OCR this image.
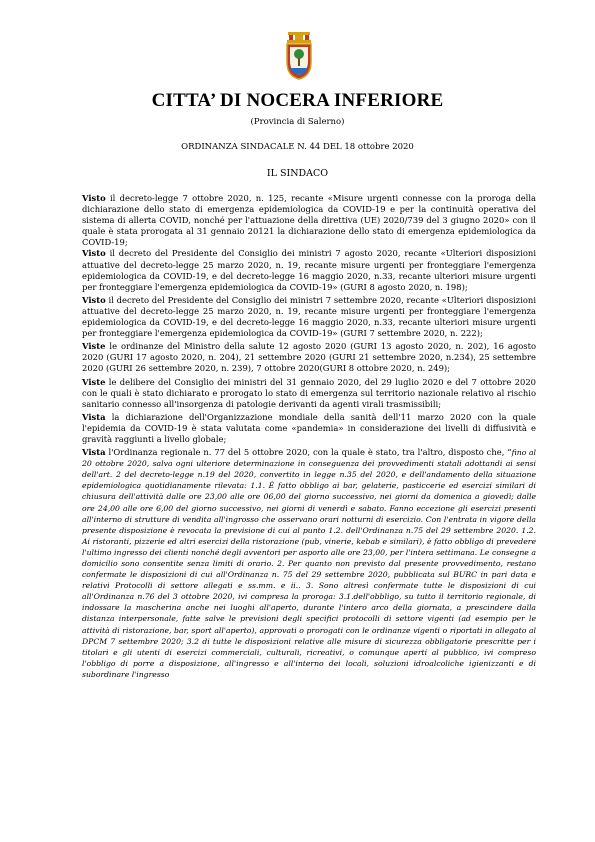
CITTA’ DI NOCERA INFERIORE
(Provincia di Salerno)
ORDINANZA SINDACALE N. 44 DEL 18 ottobre 2020
IL SINDACO

Visto il decreto-legge 7 ottobre 2020, n. 125, recante «Misure urgenti connesse con la proroga della dichiarazione dello stato di emergenza epidemiologica da COVID-19 e per la continuità operativa del sistema di allerta COVID, nonché per l'attuazione della direttiva (UE) 2020/739 del 3 giugno 2020» con il quale è stata prorogata al 31 gennaio 20121 la dichiarazione dello stato di emergenza epidemiologica da COVID-19;

Visto il decreto del Presidente del Consiglio dei ministri 7 agosto 2020, recante «Ulteriori disposizioni attuative del decreto-legge 25 marzo 2020, n. 19, recante misure urgenti per fronteggiare l'emergenza epidemiologica da COVID-19, e del decreto-legge 16 maggio 2020, n.33, recante ulteriori misure urgenti per fronteggiare l'emergenza epidemiologica da COVID-19» (GURI 8 agosto 2020, n. 198);

Visto il decreto del Presidente del Consiglio dei ministri 7 settembre 2020, recante «Ulteriori disposizioni attuative del decreto-legge 25 marzo 2020, n. 19, recante misure urgenti per fronteggiare l'emergenza epidemiologica da COVID-19, e del decreto-legge 16 maggio 2020, n.33, recante ulteriori misure urgenti per fronteggiare l'emergenza epidemiologica da COVID-19» (GURI 7 settembre 2020, n. 222);

Viste le ordinanze del Ministro della salute 12 agosto 2020 (GURI 13 agosto 2020, n. 202), 16 agosto 2020 (GURI 17 agosto 2020, n. 204), 21 settembre 2020 (GURI 21 settembre 2020, n.234), 25 settembre 2020 (GURI 26 settembre 2020, n. 239), 7 ottobre 2020(GURI 8 ottobre 2020, n. 249);

Viste le delibere del Consiglio dei ministri del 31 gennaio 2020, del 29 luglio 2020 e del 7 ottobre 2020 con le quali è stato dichiarato e prorogato lo stato di emergenza sul territorio nazionale relativo al rischio sanitario connesso all'insorgenza di patologie derivanti da agenti virali trasmissibili;

Vista la dichiarazione dell'Organizzazione mondiale della sanità dell'11 marzo 2020 con la quale l'epidemia da COVID-19 è stata valutata come «pandemia» in considerazione dei livelli di diffusività e gravità raggiunti a livello globale;

Vista l'Ordinanza regionale n. 77 del 5 ottobre 2020, con la quale è stato, tra l'altro, disposto che, “fino al 20 ottobre 2020, salva ogni ulteriore determinazione in conseguenza dei provvedimenti statali adottandi ai sensi dell'art. 2 del decreto-legge n.19 del 2020, convertito in legge n.35 del 2020, e dell'andamento della situazione epidemiologica quotidianamente rilevata: 1.1. È fatto obbligo ai bar, gelaterie, pasticcerie ed esercizi similari di chiusura dell'attività dalle ore 23,00 alle ore 06,00 del giorno successivo, nei giorni da domenica a giovedì; dalle ore 24,00 alle ore 6,00 del giorno successivo, nei giorni di venerdì e sabato. Fanno eccezione gli esercizi presenti all'interno di strutture di vendita all'ingrosso che osservano orari notturni di esercizio. Con l'entrata in vigore della presente disposizione è revocata la previsione di cui al punto 1.2. dell'Ordinanza n.75 del 29 settembre 2020. 1.2. Ai ristoranti, pizzerie ed altri esercizi della ristorazione (pub, vinerie, kebab e similari), è fatto obbligo di prevedere l'ultimo ingresso dei clienti nonché degli avventori per asporto alle ore 23,00, per l'intera settimana. Le consegne a domicilio sono consentite senza limiti di orario. 2. Per quanto non previsto dal presente provvedimento, restano confermate le disposizioni di cui all'Ordinanza n. 75 del 29 settembre 2020, pubblicata sul BURC in pari data e relativi Protocolli di settore allegati e ss.mm. e ii.. 3. Sono altresì confermate tutte le disposizioni di cui all'Ordinanza n.76 del 3 ottobre 2020, ivi compresa la proroga: 3.1.dell'obbligo, su tutto il territorio regionale, di indossare la mascherina anche nei luoghi all'aperto, durante l'intero arco della giornata, a prescindere dalla distanza interpersonale, fatte salve le previsioni degli specifici protocolli di settore vigenti (ad esempio per le attività di ristorazione, bar, sport all'aperto), approvati o prorogati con le ordinanze vigenti o riportati in allegato al DPCM 7 settembre 2020; 3.2 di tutte le disposizioni relative alle misure di sicurezza obbligatorie prescritte per i titolari e gli utenti di esercizi commerciali, culturali, ricreativi, o comunque aperti al pubblico, ivi compreso l'obbligo di porre a disposizione, all'ingresso e all'interno dei locali, soluzioni idroalcoliche igienizzanti e di subordinare l'ingresso
